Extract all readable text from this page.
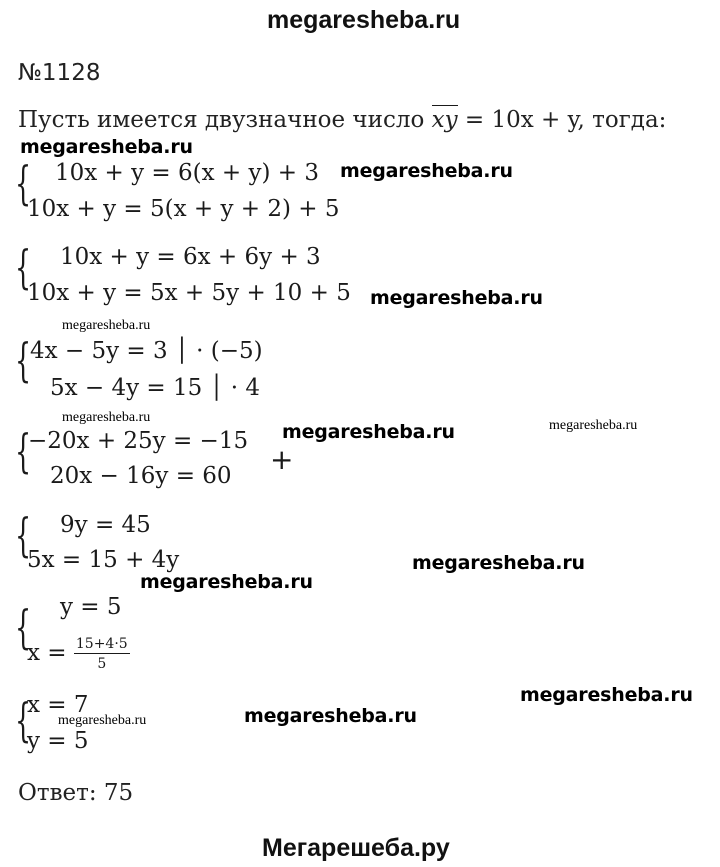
megaresheba.ru
№1128
Пусть имеется двузначное число xy = 10x + y, тогда:
megaresheba.ru
{ 10x + y = 6(x + y) + 3
10x + y = 5(x + y + 2) + 5
megaresheba.ru
{ 10x + y = 6x + 6y + 3
10x + y = 5x + 5y + 10 + 5 megaresheba.ru
megaresheba.ru
{
4x − 5y = 3 │ · (−5)
5x − 4y = 15 │ · 4
megaresheba.ru
megaresheba.ru
{
−20x + 25y = −15
20x − 16y = 60 +
megaresheba.ru
{ 9y = 45
5x = 15 + 4y	megaresheba.ru
megaresheba.ru
{ y = 5
$x = \frac{15+4\cdot 5}{5}$
{
x = 7
y = 5
megaresheba.ru	megaresheba.ru
megaresheba.ru
Ответ: 75
Мегарешеба.ру
